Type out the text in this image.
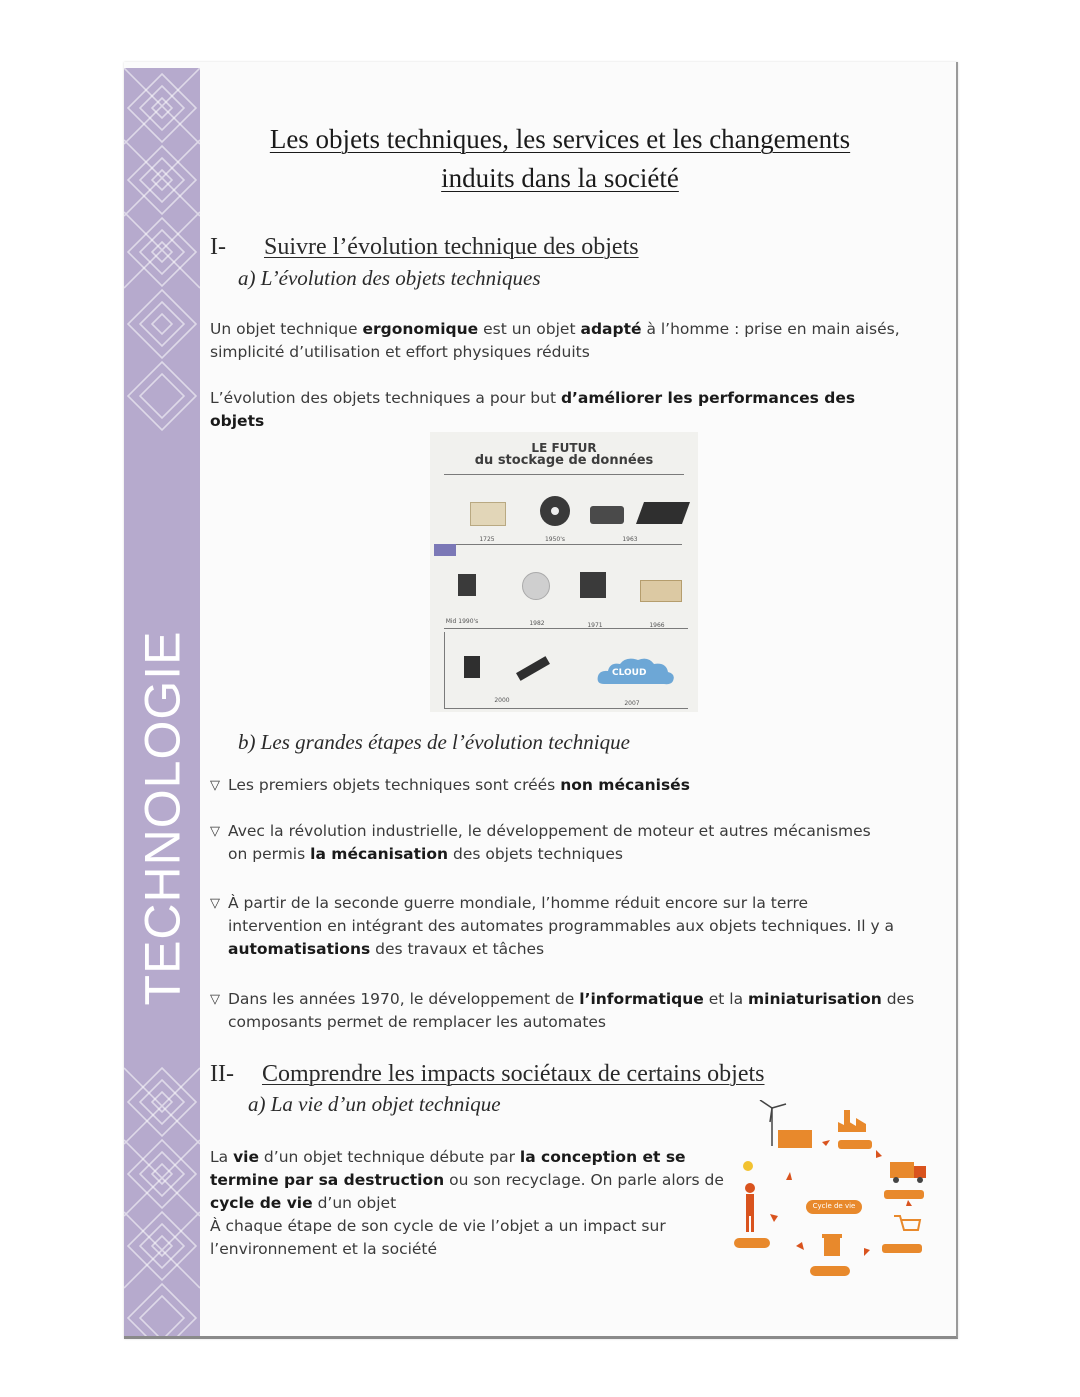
TECHNOLOGIE
Les objets techniques, les services et les changements
induits dans la société
I- Suivre l’évolution technique des objets
a) L’évolution des objets techniques
Un objet technique ergonomique est un objet adapté à l’homme : prise en main aisés,
simplicité d’utilisation et effort physiques réduits
L’évolution des objets techniques a pour but d’améliorer les performances des objets
LE FUTUR
du stockage de données
1725	1950's	1963
Mid 1990's	1982	1971	1966
CLOUD
2000	2007
b) Les grandes étapes de l’évolution technique
▽ Les premiers objets techniques sont créés non mécanisés
▽ Avec la révolution industrielle, le développement de moteur et autres mécanismes
on permis la mécanisation des objets techniques
▽ À partir de la seconde guerre mondiale, l’homme réduit encore sur la terre
intervention en intégrant des automates programmables aux objets techniques. Il y a
automatisations des travaux et tâches
▽ Dans les années 1970, le développement de l’informatique et la miniaturisation des
composants permet de remplacer les automates
II- Comprendre les impacts sociétaux de certains objets
a) La vie d’un objet technique
La vie d’un objet technique débute par la conception et se
termine par sa destruction ou son recyclage. On parle alors de
cycle de vie d’un objet
À chaque étape de son cycle de vie l’objet a un impact sur
l’environnement et la société
Cycle de vie
